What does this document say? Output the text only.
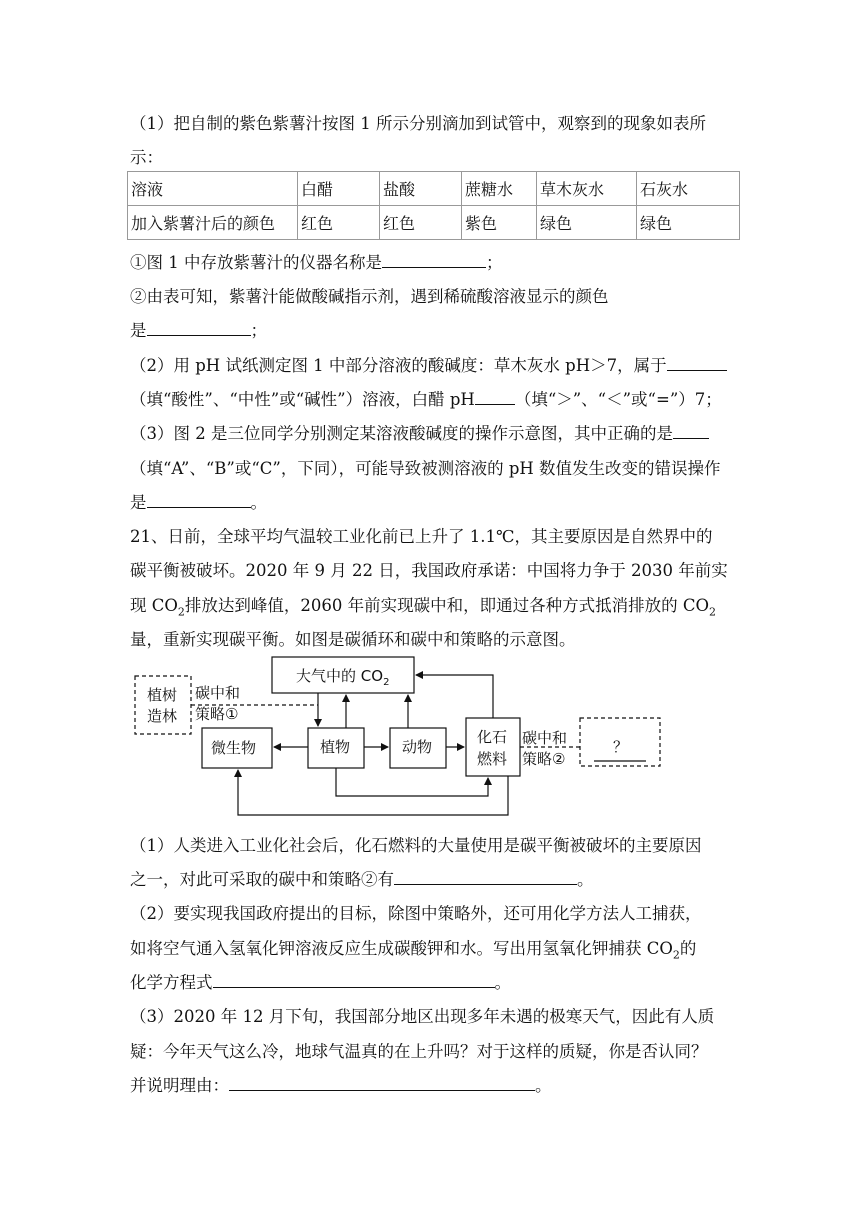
（1）把自制的紫色紫薯汁按图 1 所示分别滴加到试管中，观察到的现象如表所
示：
溶液	白醋	盐酸	蔗糖水	草木灰水	石灰水
加入紫薯汁后的颜色	红色	红色	紫色	绿色	绿色
①图 1 中存放紫薯汁的仪器名称是	；
②由表可知，紫薯汁能做酸碱指示剂，遇到稀硫酸溶液显示的颜色
是	；
（2）用 pH 试纸测定图 1 中部分溶液的酸碱度：草木灰水 pH＞7，属于
（填“酸性”、“中性”或“碱性”）溶液，白醋 pH （填“＞”、“＜”或“=”）7；
（3）图 2 是三位同学分别测定某溶液酸碱度的操作示意图，其中正确的是
（填“A”、“B”或“C”，下同），可能导致被测溶液的 pH 数值发生改变的错误操作
是	。
21、日前，全球平均气温较工业化前已上升了 1.1℃，其主要原因是自然界中的
碳平衡被破坏。2020 年 9 月 22 日，我国政府承诺：中国将力争于 2030 年前实
现 $CO_2$排放达到峰值，2060 年前实现碳中和，即通过各种方式抵消排放的 $CO_2$
量，重新实现碳平衡。如图是碳循环和碳中和策略的示意图。
大气中的 $CO_2$
植树
造林
碳中和
策略①
微生物	植物	动物
化石
燃料
碳中和
策略②
？
（1）人类进入工业化社会后，化石燃料的大量使用是碳平衡被破坏的主要原因
之一，对此可采取的碳中和策略②有	。
（2）要实现我国政府提出的目标，除图中策略外，还可用化学方法人工捕获，
如将空气通入氢氧化钾溶液反应生成碳酸钾和水。写出用氢氧化钾捕获 $CO_2$的
化学方程式	。
（3）2020 年 12 月下旬，我国部分地区出现多年未遇的极寒天气，因此有人质
疑：今年天气这么冷，地球气温真的在上升吗？对于这样的质疑，你是否认同？
并说明理由：	。
